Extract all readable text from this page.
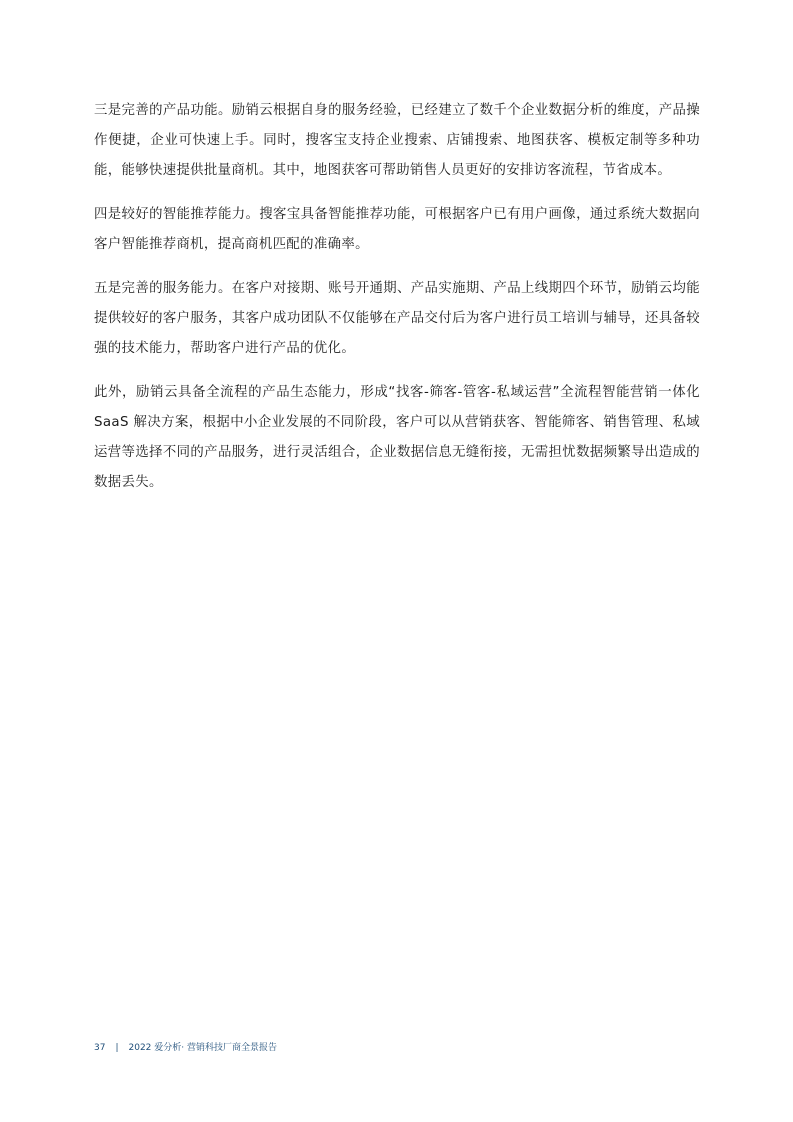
三是完善的产品功能。励销云根据自身的服务经验，已经建立了数千个企业数据分析的维度，产品操作便捷，企业可快速上手。同时，搜客宝支持企业搜索、店铺搜索、地图获客、模板定制等多种功能，能够快速提供批量商机。其中，地图获客可帮助销售人员更好的安排访客流程，节省成本。

四是较好的智能推荐能力。搜客宝具备智能推荐功能，可根据客户已有用户画像，通过系统大数据向客户智能推荐商机，提高商机匹配的准确率。

五是完善的服务能力。在客户对接期、账号开通期、产品实施期、产品上线期四个环节，励销云均能提供较好的客户服务，其客户成功团队不仅能够在产品交付后为客户进行员工培训与辅导，还具备较强的技术能力，帮助客户进行产品的优化。

此外，励销云具备全流程的产品生态能力，形成“找客-筛客-管客-私域运营”全流程智能营销一体化 SaaS 解决方案，根据中小企业发展的不同阶段，客户可以从营销获客、智能筛客、销售管理、私域运营等选择不同的产品服务，进行灵活组合，企业数据信息无缝衔接，无需担忧数据频繁导出造成的数据丢失。

37 | 2022 爱分析· 营销科技厂商全景报告
